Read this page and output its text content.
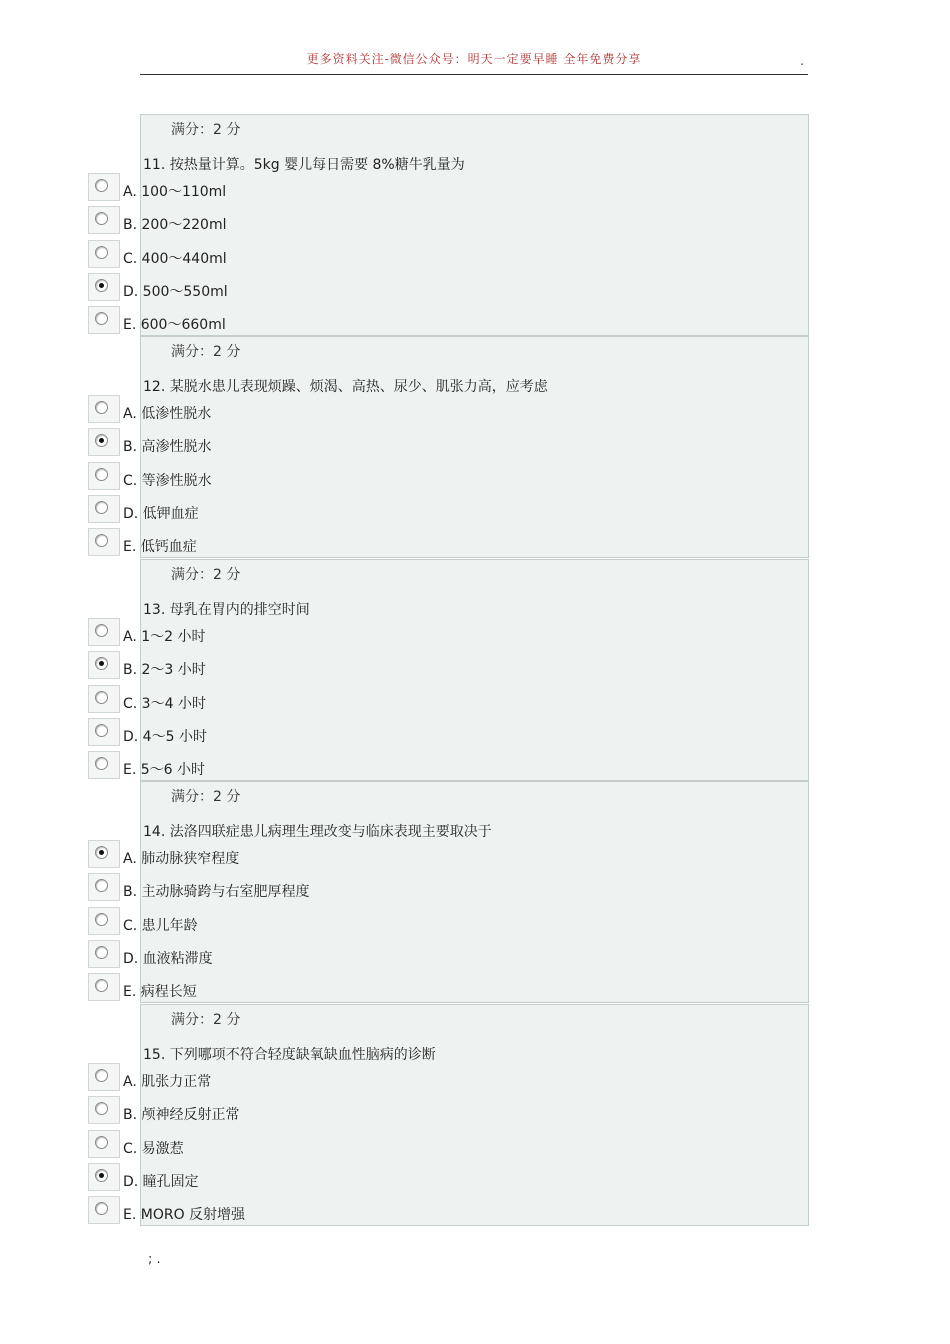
更多资料关注-微信公众号：明天一定要早睡 全年免费分享	.
满分：2 分
11. 按热量计算。5kg 婴儿每日需要 8%糖牛乳量为
A. 100～110ml
B. 200～220ml
C. 400～440ml
D. 500～550ml
E. 600～660ml
满分：2 分
12. 某脱水患儿表现烦躁、烦渴、高热、尿少、肌张力高，应考虑
A. 低渗性脱水
B. 高渗性脱水
C. 等渗性脱水
D. 低钾血症
E. 低钙血症
满分：2 分
13. 母乳在胃内的排空时间
A. 1～2 小时
B. 2～3 小时
C. 3～4 小时
D. 4～5 小时
E. 5～6 小时
满分：2 分
14. 法洛四联症患儿病理生理改变与临床表现主要取决于
A. 肺动脉狭窄程度
B. 主动脉骑跨与右室肥厚程度
C. 患儿年龄
D. 血液粘滞度
E. 病程长短
满分：2 分
15. 下列哪项不符合轻度缺氧缺血性脑病的诊断
A. 肌张力正常
B. 颅神经反射正常
C. 易激惹
D. 瞳孔固定
E. MORO 反射增强
; .
